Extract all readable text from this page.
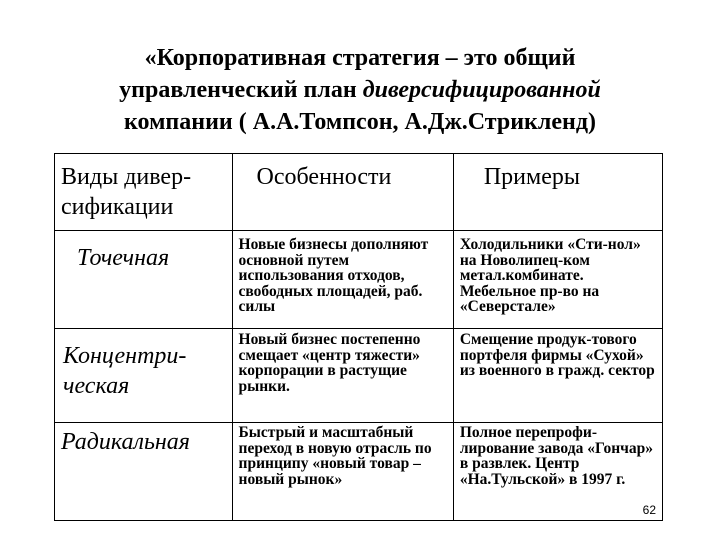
«Корпоративная стратегия – это общий
управленческий план диверсифицированной
компании ( А.А.Томпсон, А.Дж.Стрикленд)
Виды дивер-
сификации	Особенности	Примеры

Точечная	Новые бизнесы дополняют основной путем использования отходов, свободных площадей, раб. силы	Холодильники «Сти-нол» на Новолипец-ком метал.комбинате. Мебельное пр-во на «Северстале»

Концентри-ческая	Новый бизнес постепенно смещает «центр тяжести» корпорации в растущие рынки.	Смещение продук-тового портфеля фирмы «Сухой» из военного в гражд. сектор

Радикальная	Быстрый и масштабный переход в новую отрасль по принципу «новый товар – новый рынок»	Полное перепрофи-лирование завода «Гончар» в развлек. Центр «На.Тульской» в 1997 г.
62
